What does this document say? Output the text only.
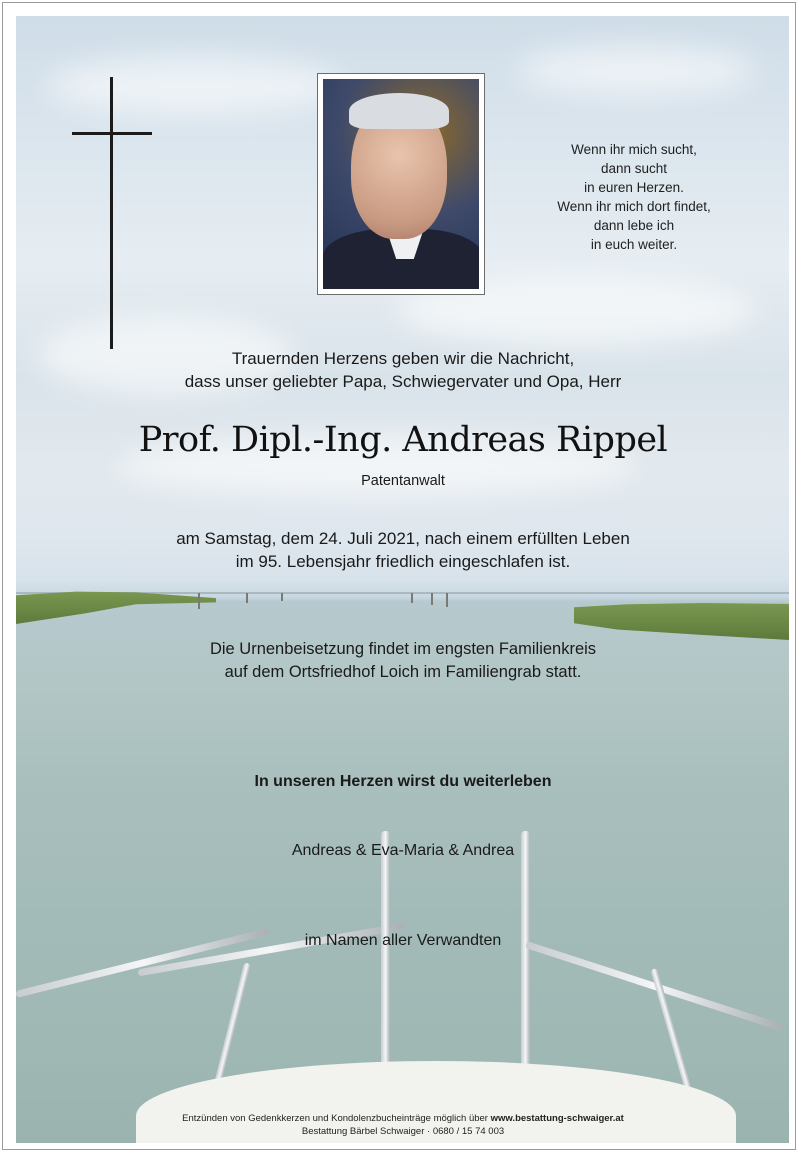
Wenn ihr mich sucht,
dann sucht
in euren Herzen.
Wenn ihr mich dort findet,
dann lebe ich
in euch weiter.
Trauernden Herzens geben wir die Nachricht,
dass unser geliebter Papa, Schwiegervater und Opa, Herr
Prof. Dipl.-Ing. Andreas Rippel
Patentanwalt
am Samstag, dem 24. Juli 2021, nach einem erfüllten Leben
im 95. Lebensjahr friedlich eingeschlafen ist.
Die Urnenbeisetzung findet im engsten Familienkreis
auf dem Ortsfriedhof Loich im Familiengrab statt.
In unseren Herzen wirst du weiterleben
Andreas & Eva-Maria & Andrea
im Namen aller Verwandten
Entzünden von Gedenkkerzen und Kondolenzbucheinträge möglich über www.bestattung-schwaiger.at
Bestattung Bärbel Schwaiger · 0680 / 15 74 003
